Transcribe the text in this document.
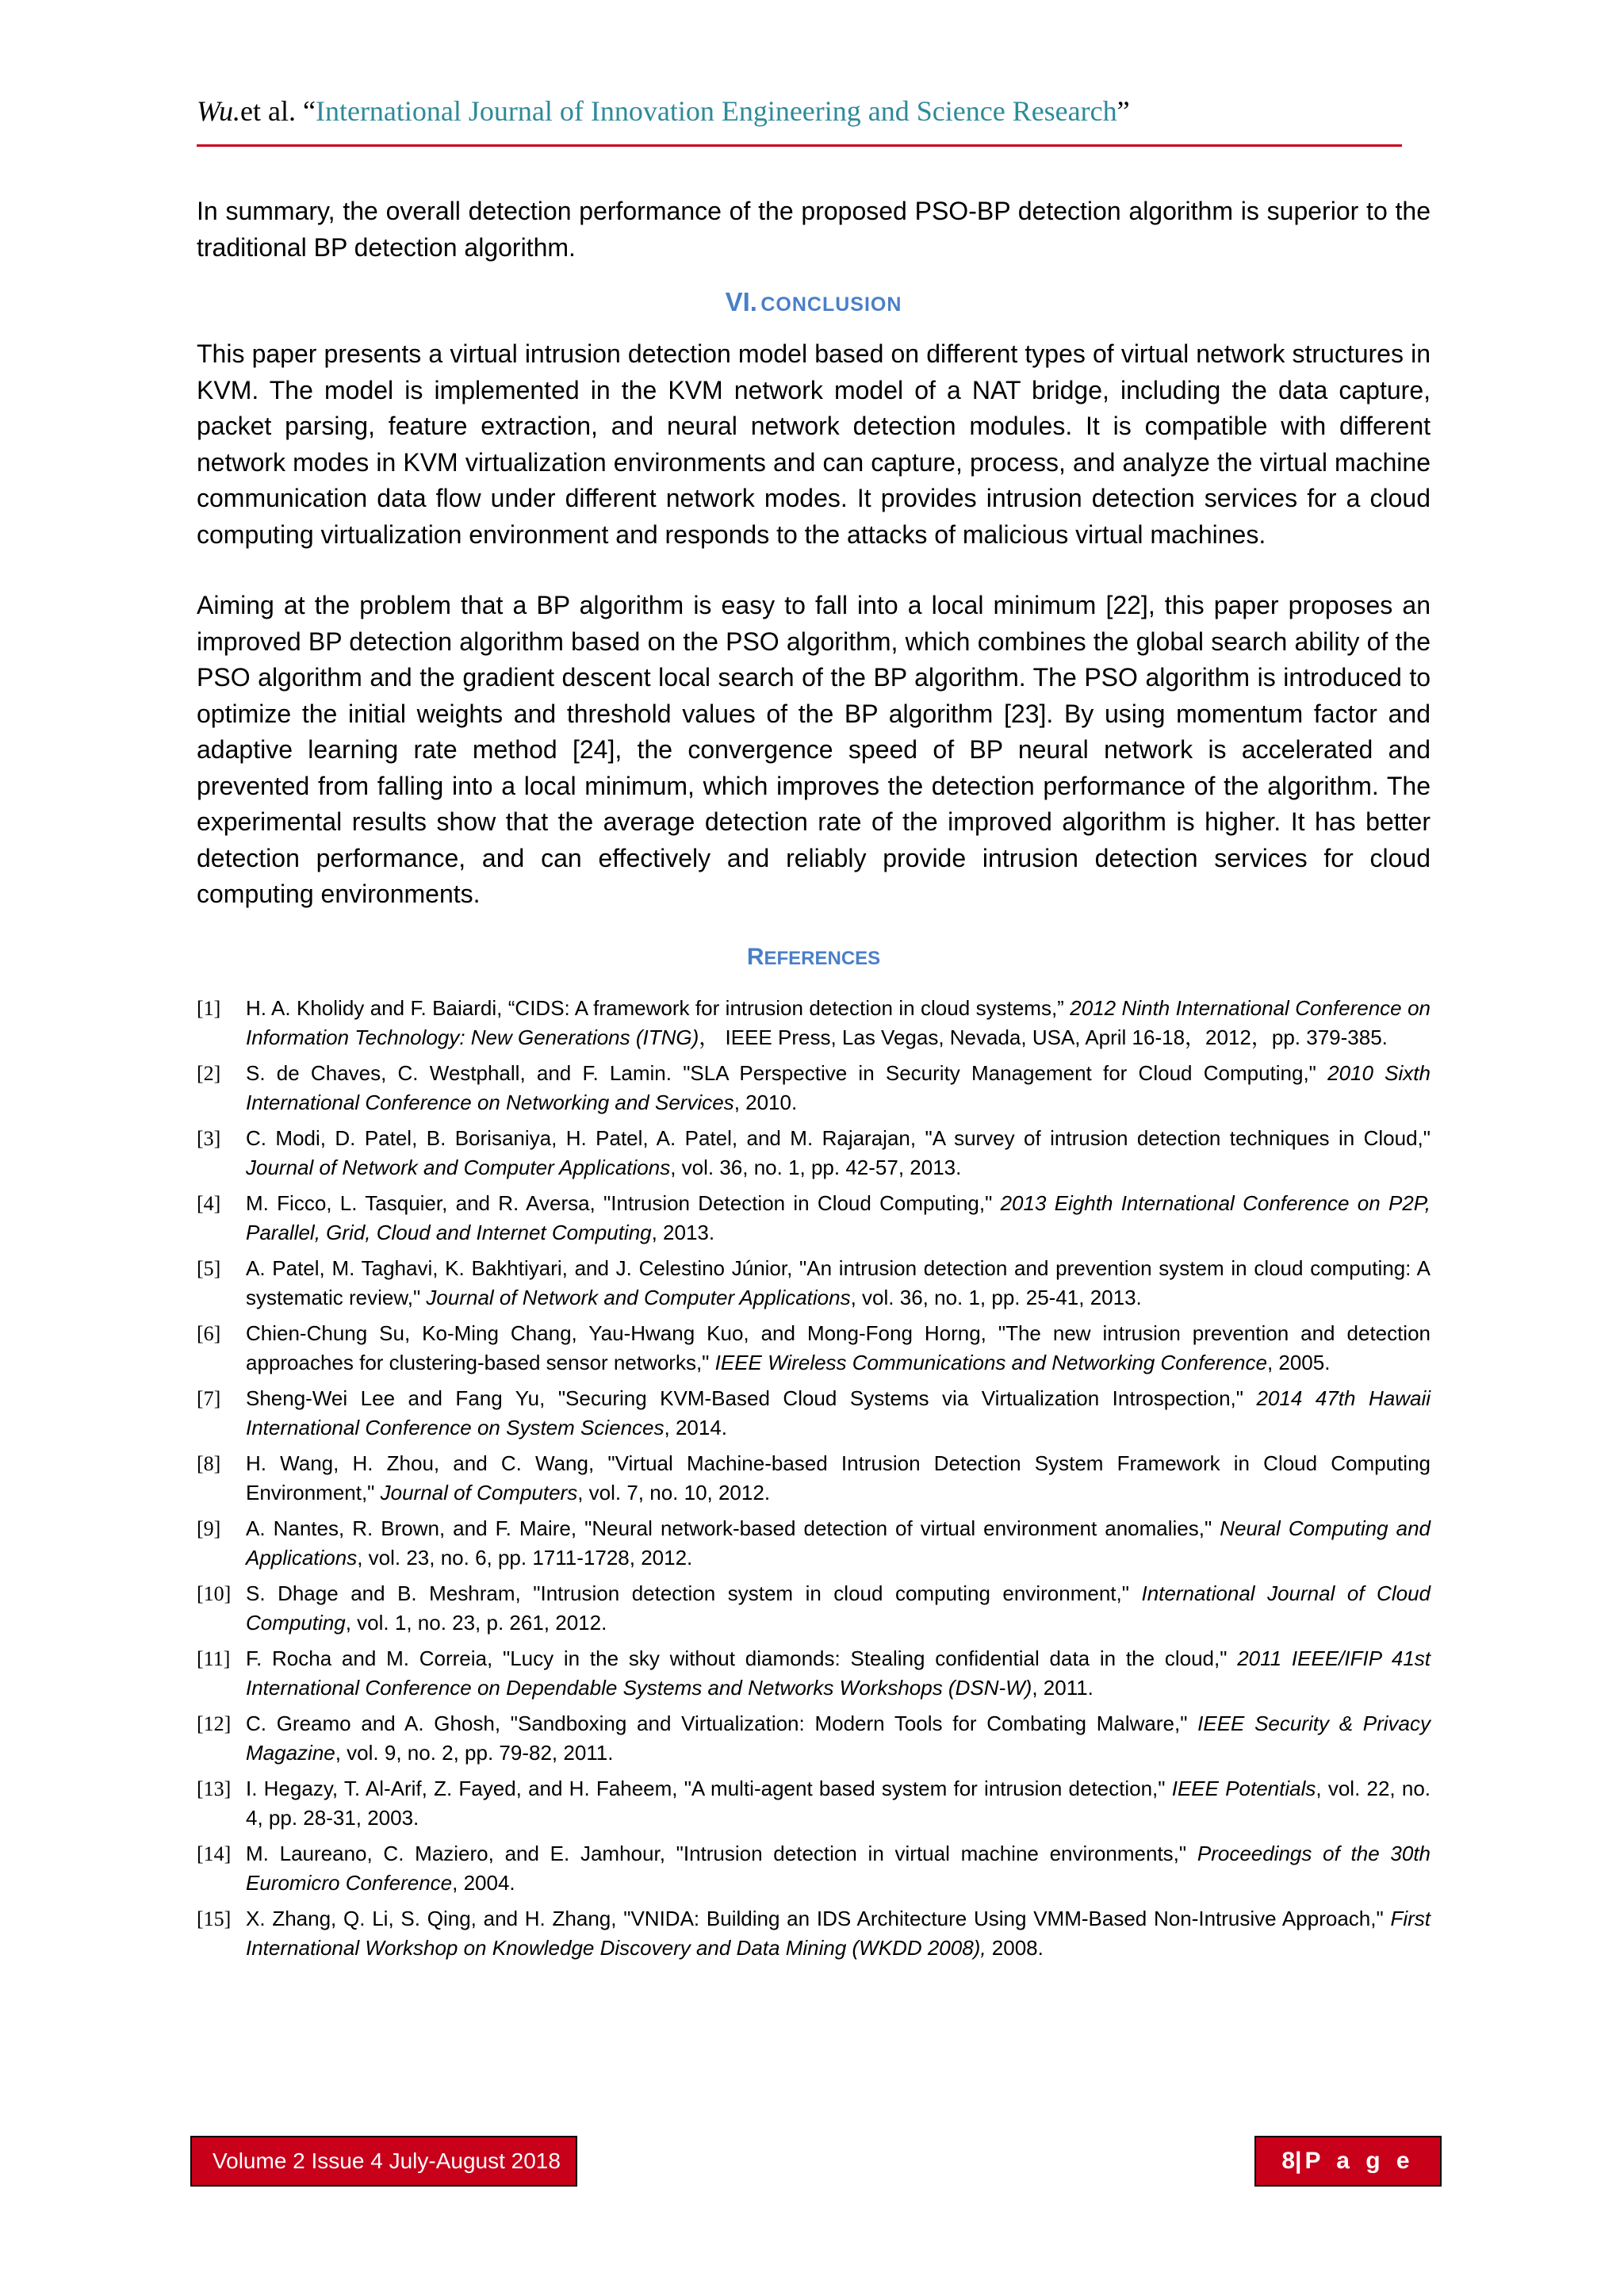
Wu.et al. “International Journal of Innovation Engineering and Science Research”

In summary, the overall detection performance of the proposed PSO-BP detection algorithm is superior to the traditional BP detection algorithm.

VI. CONCLUSION

This paper presents a virtual intrusion detection model based on different types of virtual network structures in KVM. The model is implemented in the KVM network model of a NAT bridge, including the data capture, packet parsing, feature extraction, and neural network detection modules. It is compatible with different network modes in KVM virtualization environments and can capture, process, and analyze the virtual machine communication data flow under different network modes. It provides intrusion detection services for a cloud computing virtualization environment and responds to the attacks of malicious virtual machines.

Aiming at the problem that a BP algorithm is easy to fall into a local minimum [22], this paper proposes an improved BP detection algorithm based on the PSO algorithm, which combines the global search ability of the PSO algorithm and the gradient descent local search of the BP algorithm. The PSO algorithm is introduced to optimize the initial weights and threshold values of the BP algorithm [23]. By using momentum factor and adaptive learning rate method [24], the convergence speed of BP neural network is accelerated and prevented from falling into a local minimum, which improves the detection performance of the algorithm. The experimental results show that the average detection rate of the improved algorithm is higher. It has better detection performance, and can effectively and reliably provide intrusion detection services for cloud computing environments.

REFERENCES
[1]	H. A. Kholidy and F. Baiardi, “CIDS: A framework for intrusion detection in cloud systems,” 2012 Ninth International Conference on Information Technology: New Generations (ITNG)， IEEE Press, Las Vegas, Nevada, USA, April 16-18，2012，pp. 379-385.
[2]	S. de Chaves, C. Westphall, and F. Lamin. "SLA Perspective in Security Management for Cloud Computing," 2010 Sixth International Conference on Networking and Services, 2010.
[3]	C. Modi, D. Patel, B. Borisaniya, H. Patel, A. Patel, and M. Rajarajan, "A survey of intrusion detection techniques in Cloud," Journal of Network and Computer Applications, vol. 36, no. 1, pp. 42-57, 2013.
[4]	M. Ficco, L. Tasquier, and R. Aversa, "Intrusion Detection in Cloud Computing," 2013 Eighth International Conference on P2P, Parallel, Grid, Cloud and Internet Computing, 2013.
[5]	A. Patel, M. Taghavi, K. Bakhtiyari, and J. Celestino Júnior, "An intrusion detection and prevention system in cloud computing: A systematic review," Journal of Network and Computer Applications, vol. 36, no. 1, pp. 25-41, 2013.
[6]	Chien-Chung Su, Ko-Ming Chang, Yau-Hwang Kuo, and Mong-Fong Horng, "The new intrusion prevention and detection approaches for clustering-based sensor networks," IEEE Wireless Communications and Networking Conference, 2005.
[7]	Sheng-Wei Lee and Fang Yu, "Securing KVM-Based Cloud Systems via Virtualization Introspection," 2014 47th Hawaii International Conference on System Sciences, 2014.
[8]	H. Wang, H. Zhou, and C. Wang, "Virtual Machine-based Intrusion Detection System Framework in Cloud Computing Environment," Journal of Computers, vol. 7, no. 10, 2012.
[9]	A. Nantes, R. Brown, and F. Maire, "Neural network-based detection of virtual environment anomalies," Neural Computing and Applications, vol. 23, no. 6, pp. 1711-1728, 2012.
[10] S. Dhage and B. Meshram, "Intrusion detection system in cloud computing environment," International Journal of Cloud Computing, vol. 1, no. 23, p. 261, 2012.
[11] F. Rocha and M. Correia, "Lucy in the sky without diamonds: Stealing confidential data in the cloud," 2011 IEEE/IFIP 41st International Conference on Dependable Systems and Networks Workshops (DSN-W), 2011.
[12] C. Greamo and A. Ghosh, "Sandboxing and Virtualization: Modern Tools for Combating Malware," IEEE Security & Privacy Magazine, vol. 9, no. 2, pp. 79-82, 2011.
[13] I. Hegazy, T. Al-Arif, Z. Fayed, and H. Faheem, "A multi-agent based system for intrusion detection," IEEE Potentials, vol. 22, no. 4, pp. 28-31, 2003.
[14] M. Laureano, C. Maziero, and E. Jamhour, "Intrusion detection in virtual machine environments," Proceedings of the 30th Euromicro Conference, 2004.
[15] X. Zhang, Q. Li, S. Qing, and H. Zhang, "VNIDA: Building an IDS Architecture Using VMM-Based Non-Intrusive Approach," First International Workshop on Knowledge Discovery and Data Mining (WKDD 2008), 2008.
Volume 2 Issue 4 July-August 2018	8 | P a g e
